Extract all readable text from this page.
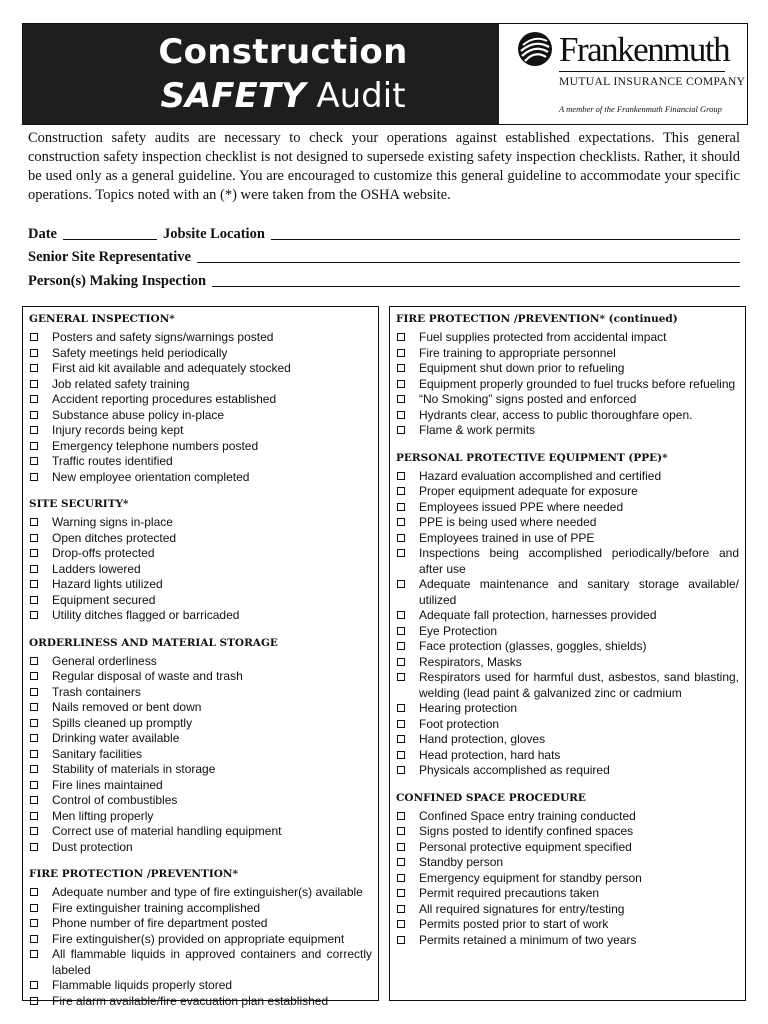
Construction
SAFETY Audit
Frankenmuth
MUTUAL INSURANCE COMPANY
A member of the Frankenmuth Financial Group
Construction safety audits are necessary to check your operations against established expectations. This general construction safety inspection checklist is not designed to supersede existing safety inspection checklists. Rather, it should be used only as a general guideline. You are encouraged to customize this general guideline to accommodate your specific operations. Topics noted with an (*) were taken from the OSHA website.
Date	Jobsite Location
Senior Site Representative
Person(s) Making Inspection
GENERAL INSPECTION*
Posters and safety signs/warnings posted
Safety meetings held periodically
First aid kit available and adequately stocked
Job related safety training
Accident reporting procedures established
Substance abuse policy in-place
Injury records being kept
Emergency telephone numbers posted
Traffic routes identified
New employee orientation completed
SITE SECURITY*
Warning signs in-place
Open ditches protected
Drop-offs protected
Ladders lowered
Hazard lights utilized
Equipment secured
Utility ditches flagged or barricaded
ORDERLINESS AND MATERIAL STORAGE
General orderliness
Regular disposal of waste and trash
Trash containers
Nails removed or bent down
Spills cleaned up promptly
Drinking water available
Sanitary facilities
Stability of materials in storage
Fire lines maintained
Control of combustibles
Men lifting properly
Correct use of material handling equipment
Dust protection
FIRE PROTECTION /PREVENTION*
Adequate number and type of fire extinguisher(s) available
Fire extinguisher training accomplished
Phone number of fire department posted
Fire extinguisher(s) provided on appropriate equipment
All flammable liquids in approved containers and correctly labeled
Flammable liquids properly stored
Fire alarm available/fire evacuation plan established
FIRE PROTECTION /PREVENTION* (continued)
Fuel supplies protected from accidental impact
Fire training to appropriate personnel
Equipment shut down prior to refueling
Equipment properly grounded to fuel trucks before refueling
“No Smoking” signs posted and enforced
Hydrants clear, access to public thoroughfare open.
Flame & work permits
PERSONAL PROTECTIVE EQUIPMENT (PPE)*
Hazard evaluation accomplished and certified
Proper equipment adequate for exposure
Employees issued PPE where needed
PPE is being used where needed
Employees trained in use of PPE
Inspections being accomplished periodically/before and after use
Adequate maintenance and sanitary storage available/ utilized
Adequate fall protection, harnesses provided
Eye Protection
Face protection (glasses, goggles, shields)
Respirators, Masks
Respirators used for harmful dust, asbestos, sand blasting, welding (lead paint & galvanized zinc or cadmium
Hearing protection
Foot protection
Hand protection, gloves
Head protection, hard hats
Physicals accomplished as required
CONFINED SPACE PROCEDURE
Confined Space entry training conducted
Signs posted to identify confined spaces
Personal protective equipment specified
Standby person
Emergency equipment for standby person
Permit required precautions taken
All required signatures for entry/testing
Permits posted prior to start of work
Permits retained a minimum of two years
